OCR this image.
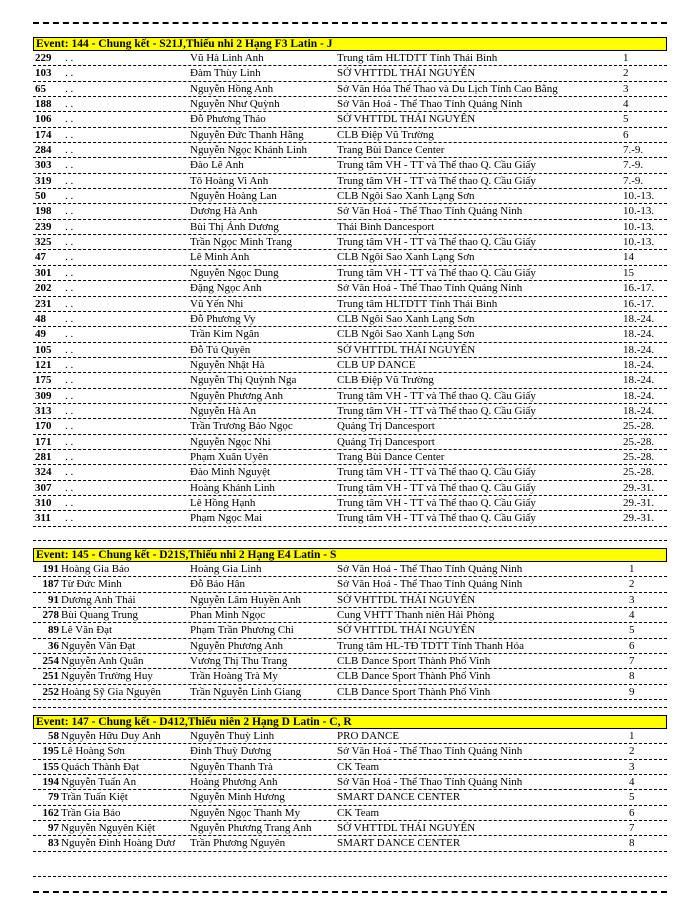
Event: 144 - Chung kết - S21J,Thiếu nhi 2 Hạng F3 Latin - J
229	. .	Vũ Hà Linh Anh	Trung tâm HLTDTT Tỉnh Thái Bình	1
103	. .	Đàm Thùy Linh	SỞ VHTTDL THÁI NGUYÊN	2
65	. .	Nguyễn Hồng Anh	Sở Văn Hóa Thể Thao và Du Lịch Tỉnh Cao Bằng	3
188	. .	Nguyễn Như Quỳnh	Sở Văn Hoá - Thể Thao Tỉnh Quảng Ninh	4
106	. .	Đỗ Phương Thảo	SỞ VHTTDL THÁI NGUYÊN	5
174	. .	Nguyễn Đức Thanh Hằng	CLB Điệp Vũ Trường	6
284	. .	Nguyễn Ngọc Khánh Linh	Trang Bùi Dance Center	7.-9.
303	. .	Đào Lê Anh	Trung tâm VH - TT và Thể thao Q. Cầu Giấy	7.-9.
319	. .	Tô Hoàng Vi Anh	Trung tâm VH - TT và Thể thao Q. Cầu Giấy	7.-9.
50	. .	Nguyễn Hoàng Lan	CLB Ngôi Sao Xanh Lạng Sơn	10.-13.
198	. .	Dương Hà Anh	Sở Văn Hoá - Thể Thao Tỉnh Quảng Ninh	10.-13.
239	. .	Bùi Thị Ánh Dương	Thái Bình Dancesport	10.-13.
325	. .	Trần Ngọc Minh Trang	Trung tâm VH - TT và Thể thao Q. Cầu Giấy	10.-13.
47	. .	Lê Minh Anh	CLB Ngôi Sao Xanh Lạng Sơn	14
301	. .	Nguyễn Ngọc Dung	Trung tâm VH - TT và Thể thao Q. Cầu Giấy	15
202	. .	Đặng Ngọc Anh	Sở Văn Hoá - Thể Thao Tỉnh Quảng Ninh	16.-17.
231	. .	Vũ Yến Nhi	Trung tâm HLTDTT Tỉnh Thái Bình	16.-17.
48	. .	Đỗ Phương Vy	CLB Ngôi Sao Xanh Lạng Sơn	18.-24.
49	. .	Trần Kim Ngân	CLB Ngôi Sao Xanh Lạng Sơn	18.-24.
105	. .	Đỗ Tú Quyên	SỞ VHTTDL THÁI NGUYÊN	18.-24.
121	. .	Nguyễn Nhật Hà	CLB UP DANCE	18.-24.
175	. .	Nguyễn Thị Quỳnh Nga	CLB Điệp Vũ Trường	18.-24.
309	. .	Nguyễn Phương Anh	Trung tâm VH - TT và Thể thao Q. Cầu Giấy	18.-24.
313	. .	Nguyễn Hà An	Trung tâm VH - TT và Thể thao Q. Cầu Giấy	18.-24.
170	. .	Trần Trương Bảo Ngọc	Quảng Trị Dancesport	25.-28.
171	. .	Nguyễn Ngọc Nhi	Quảng Trị Dancesport	25.-28.
281	. .	Phạm Xuân Uyên	Trang Bùi Dance Center	25.-28.
324	. .	Đào Minh Nguyệt	Trung tâm VH - TT và Thể thao Q. Cầu Giấy	25.-28.
307	. .	Hoàng Khánh Linh	Trung tâm VH - TT và Thể thao Q. Cầu Giấy	29.-31.
310	. .	Lê Hồng Hạnh	Trung tâm VH - TT và Thể thao Q. Cầu Giấy	29.-31.
311	. .	Phạm Ngọc Mai	Trung tâm VH - TT và Thể thao Q. Cầu Giấy	29.-31.
Event: 145 - Chung kết - D21S,Thiếu nhi 2 Hạng E4 Latin - S
191 Hoàng Gia Bảo	Hoàng Gia Linh	Sở Văn Hoá - Thể Thao Tỉnh Quảng Ninh	1
187 Từ Đức Minh	Đỗ Bảo Hân	Sở Văn Hoá - Thể Thao Tỉnh Quảng Ninh	2
91 Dương Anh Thái	Nguyễn Lâm Huyền Anh	SỞ VHTTDL THÁI NGUYÊN	3
278 Bùi Quang Trung	Phan Minh Ngọc	Cung VHTT Thanh niên Hải Phòng	4
89 Lê Văn Đạt	Phạm Trần Phương Chi	SỞ VHTTDL THÁI NGUYÊN	5
36 Nguyễn Văn Đạt	Nguyễn Phương Anh	Trung tâm HL-TĐ TDTT Tỉnh Thanh Hóa	6
254 Nguyễn Anh Quân	Vương Thị Thu Trang	CLB Dance Sport Thành Phố Vinh	7
251 Nguyễn Trường Huy	Trần Hoàng Trà My	CLB Dance Sport Thành Phố Vinh	8
252 Hoàng Sỹ Gia Nguyên	Trần Nguyễn Linh Giang	CLB Dance Sport Thành Phố Vinh	9
Event: 147 - Chung kết - D412,Thiếu niên 2 Hạng D Latin - C, R
58 Nguyễn Hữu Duy Anh	Nguyễn Thuỳ Linh	PRO DANCE	1
195 Lê Hoàng Sơn	Đinh Thuỳ Dương	Sở Văn Hoá - Thể Thao Tỉnh Quảng Ninh	2
155 Quách Thành Đạt	Nguyễn Thanh Trà	CK Team	3
194 Nguyễn Tuấn An	Hoàng Phương Anh	Sở Văn Hoá - Thể Thao Tỉnh Quảng Ninh	4
79 Trần Tuấn Kiệt	Nguyễn Minh Hương	SMART DANCE CENTER	5
162 Trần Gia Bảo	Nguyễn Ngọc Thanh My	CK Team	6
97 Nguyễn Nguyên Kiệt	Nguyễn Phương Trang Anh	SỞ VHTTDL THÁI NGUYÊN	7
83 Nguyễn Đình Hoàng Dươ	Trần Phương Nguyên	SMART DANCE CENTER	8
